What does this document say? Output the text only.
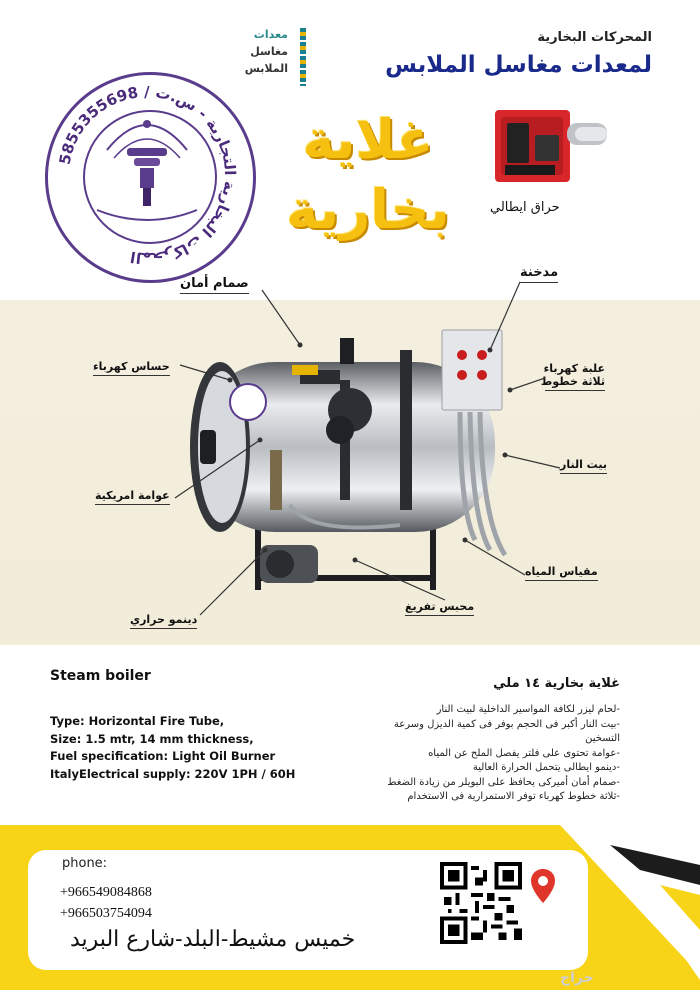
المحركات البخارية
لمعدات مغاسل الملابس
معدات
مغاسل
الملابس
المحركات البخارية التجارية - س.ت / 5855355698
غلاية
بخارية	حراق ايطالي
صمام أمان
مدخنة
حساس كهرباء	علبة كهرباء
ثلاثة خطوط
بيت النار
عوامة امريكية
مقياس المياه
محبس تفريغ
دينمو حراري
Steam boiler
Type: Horizontal Fire Tube,
Size: 1.5 mtr, 14 mm thickness,
Fuel specification: Light Oil Burner
ItalyElectrical supply: 220V 1PH / 60H
غلاية بخارية ١٤ ملي
-لحام ليزر لكافة المواسير الداخلية لبيت النار
-بيت النار أكبر فى الحجم بوفر فى كمية الديزل وسرعة التسخين
-عوامة تحتوى على فلتر يفصل الملح عن المياه
-دينمو ايطالى يتحمل الحرارة العالية
-صمام أمان أميركى يحافظ على البويلر من زيادة الضغط
-ثلاثة خطوط كهرباء توفر الاستمرارية فى الاستخدام
phone:
+966549084868
+966503754094
خميس مشيط-البلد-شارع البريد
حراج
